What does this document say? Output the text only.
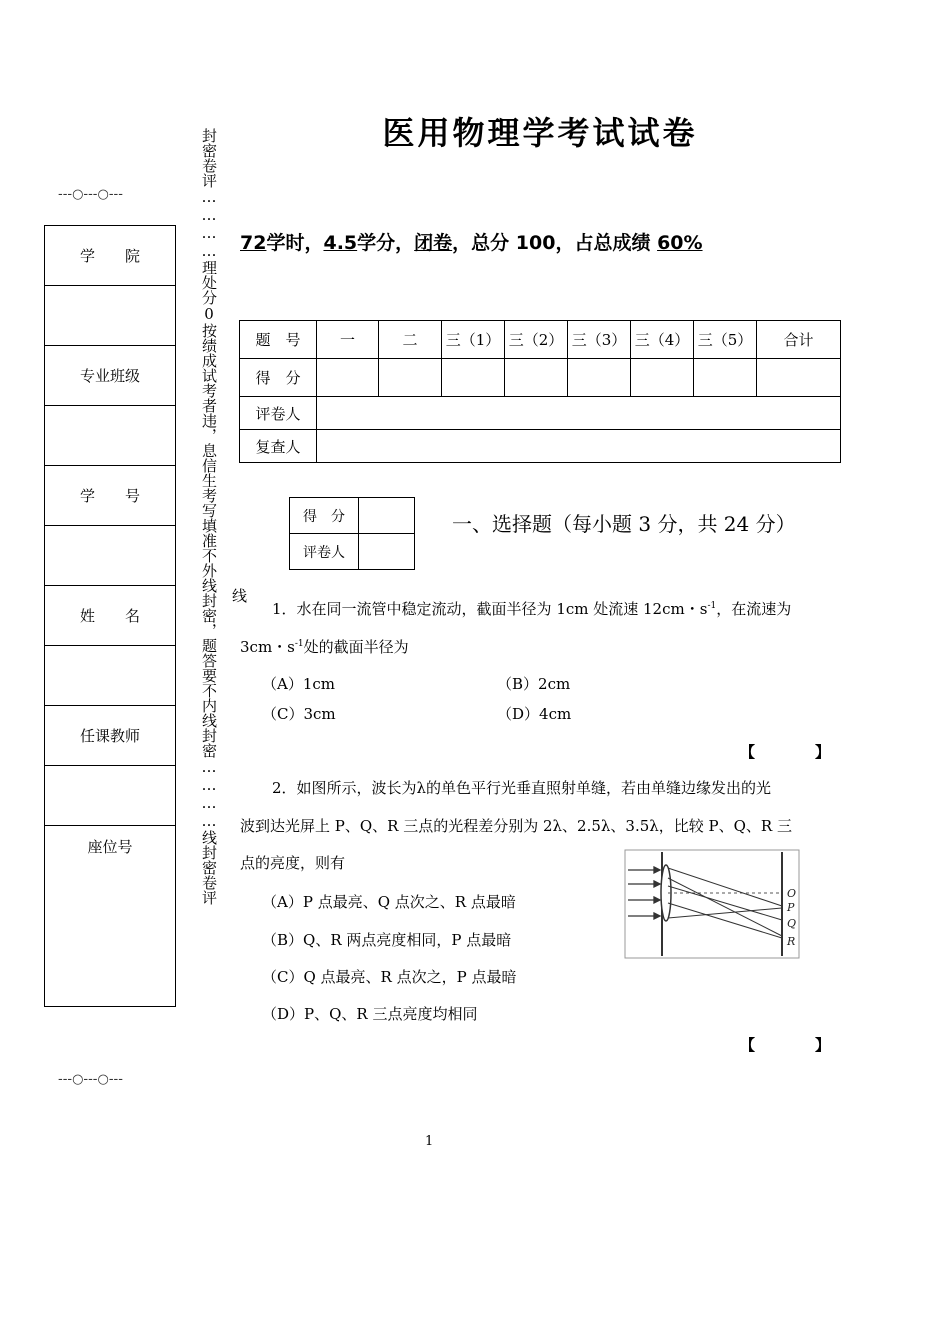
医用物理学考试试卷
---○---○---
---○---○---
封密卷评…………理处分0按绩成试考者违，息信生考写填准不外线封密，题答要不内线封密…………线封密卷评 线
学　　院
专业班级
学　　号
姓　　名
任课教师
座位号
72学时，4.5学分，闭卷，总分 100，占总成绩 60%
题　号	一	二	三（1）	三（2）	三（3）	三（4）	三（5）	合计
得　分								
评卷人								
复查人								
得　分	
评卷人	
一、选择题（每小题 3 分，共 24 分）
1．水在同一流管中稳定流动，截面半径为 1cm 处流速 12cm・$s^{-1}$，在流速为
3cm・$s^{-1}$处的截面半径为
（A）1cm	（B）2cm
（C）3cm	（D）4cm
【　　　　】
2．如图所示，波长为λ的单色平行光垂直照射单缝，若由单缝边缘发出的光
波到达光屏上 P、Q、R 三点的光程差分别为 2λ、2.5λ、3.5λ，比较 P、Q、R 三
点的亮度，则有
（A）P 点最亮、Q 点次之、R 点最暗
（B）Q、R 两点亮度相同，P 点最暗
（C）Q 点最亮、R 点次之，P 点最暗
（D）P、Q、R 三点亮度均相同
O
P
Q
R
【　　　　】
1
